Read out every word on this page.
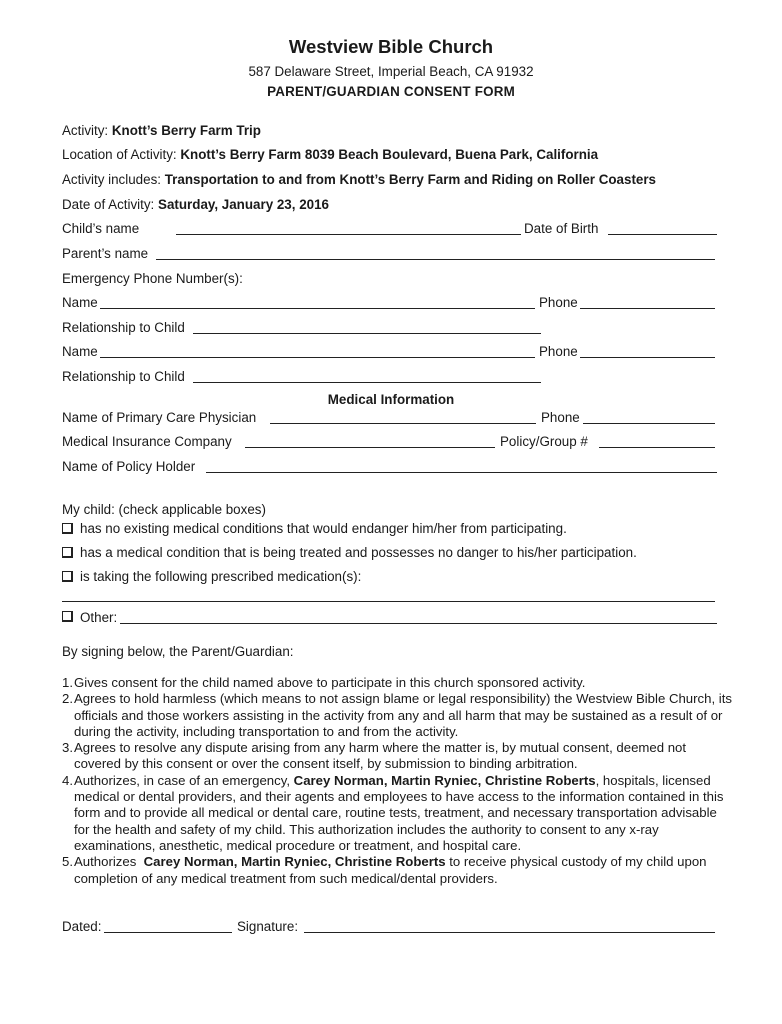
Westview Bible Church
587 Delaware Street, Imperial Beach, CA 91932
PARENT/GUARDIAN CONSENT FORM
Activity: Knott’s Berry Farm Trip
Location of Activity: Knott’s Berry Farm 8039 Beach Boulevard, Buena Park, California
Activity includes: Transportation to and from Knott’s Berry Farm and Riding on Roller Coasters
Date of Activity: Saturday, January 23, 2016
Child’s name	Date of Birth
Parent’s name
Emergency Phone Number(s):
Name	Phone
Relationship to Child
Name	Phone
Relationship to Child
Medical Information
Name of Primary Care Physician	Phone
Medical Insurance Company	Policy/Group #
Name of Policy Holder
My child: (check applicable boxes)
has no existing medical conditions that would endanger him/her from participating.
has a medical condition that is being treated and possesses no danger to his/her participation.
is taking the following prescribed medication(s):
Other:
By signing below, the Parent/Guardian:
1. Gives consent for the child named above to participate in this church sponsored activity.
2. Agrees to hold harmless (which means to not assign blame or legal responsibility) the Westview Bible Church, its officials and those workers assisting in the activity from any and all harm that may be sustained as a result of or during the activity, including transportation to and from the activity.
3. Agrees to resolve any dispute arising from any harm where the matter is, by mutual consent, deemed not covered by this consent or over the consent itself, by submission to binding arbitration.
4. Authorizes, in case of an emergency, Carey Norman, Martin Ryniec, Christine Roberts, hospitals, licensed medical or dental providers, and their agents and employees to have access to the information contained in this form and to provide all medical or dental care, routine tests, treatment, and necessary transportation advisable for the health and safety of my child. This authorization includes the authority to consent to any x-ray examinations, anesthetic, medical procedure or treatment, and hospital care.
5. Authorizes Carey Norman, Martin Ryniec, Christine Roberts to receive physical custody of my child upon completion of any medical treatment from such medical/dental providers.
Dated:	Signature:
